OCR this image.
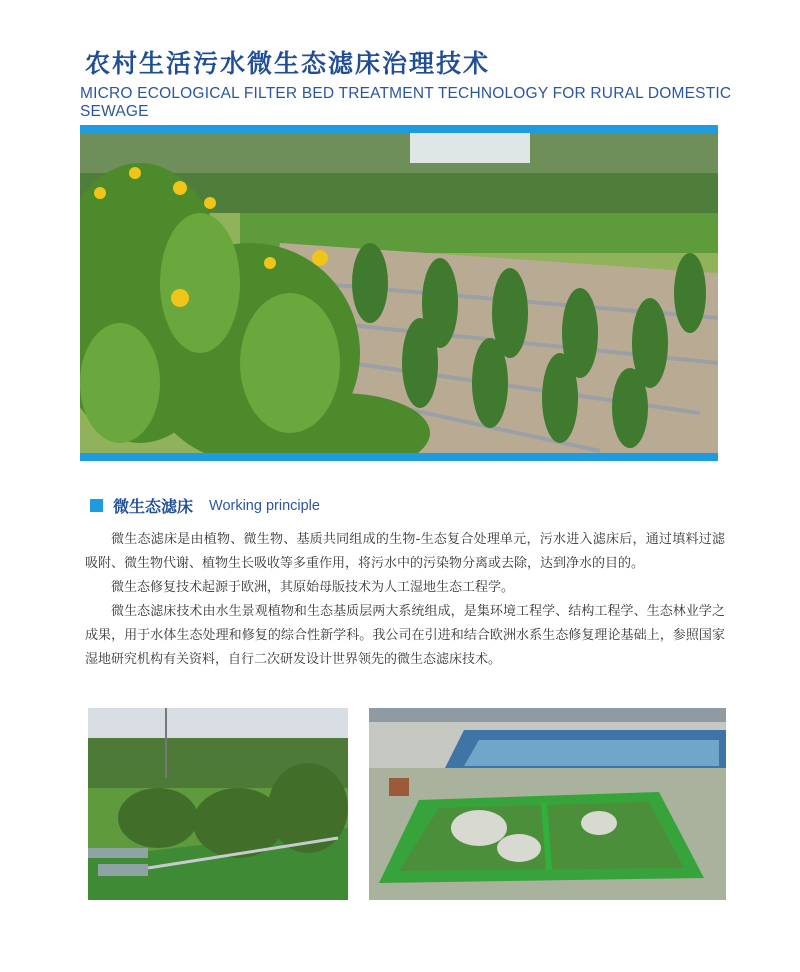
农村生活污水微生态滤床治理技术
MICRO ECOLOGICAL FILTER BED TREATMENT TECHNOLOGY FOR RURAL DOMESTIC SEWAGE
微生态滤床 Working principle

微生态滤床是由植物、微生物、基质共同组成的生物-生态复合处理单元，污水进入滤床后，通过填料过滤吸附、微生物代谢、植物生长吸收等多重作用，将污水中的污染物分离或去除，达到净水的目的。

微生态修复技术起源于欧洲，其原始母版技术为人工湿地生态工程学。

微生态滤床技术由水生景观植物和生态基质层两大系统组成，是集环境工程学、结构工程学、生态林业学之成果，用于水体生态处理和修复的综合性新学科。我公司在引进和结合欧洲水系生态修复理论基础上，参照国家湿地研究机构有关资料，自行二次研发设计世界领先的微生态滤床技术。
